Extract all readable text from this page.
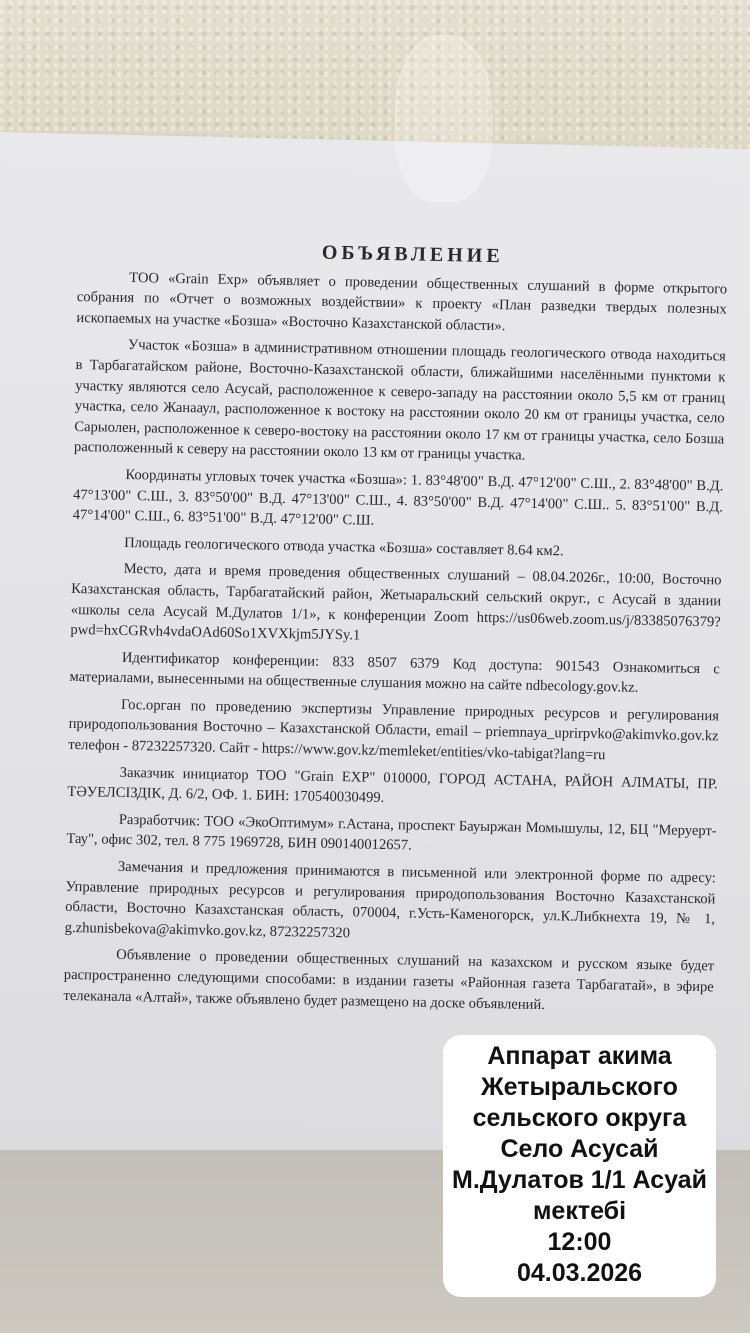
ОБЪЯВЛЕНИЕ

ТОО «Grain Exp» объявляет о проведении общественных слушаний в форме открытого собрания по «Отчет о возможных воздействии» к проекту «План разведки твердых полезных ископаемых на участке «Бозша» «Восточно Казахстанской области».

Участок «Бозша» в административном отношении площадь геологического отвода находиться в Тарбагатайском районе, Восточно-Казахстанской области, ближайшими населёнными пунктоми к участку являются село Асусай, расположенное к северо-западу на расстоянии около 5,5 км от границ участка, село Жанааул, расположенное к востоку на расстоянии около 20 км от границы участка, село Сарыолен, расположенное к северо-востоку на расстоянии около 17 км от границы участка, село Бозша расположенный к северу на расстоянии около 13 км от границы участка.

Координаты угловых точек участка «Бозша»: 1. 83°48'00" В.Д. 47°12'00" С.Ш., 2. 83°48'00" В.Д. 47°13'00" С.Ш., 3. 83°50'00" В.Д. 47°13'00" С.Ш., 4. 83°50'00" В.Д. 47°14'00" С.Ш.. 5. 83°51'00" В.Д. 47°14'00" С.Ш., 6. 83°51'00" В.Д. 47°12'00" С.Ш.

Площадь геологического отвода участка «Бозша» составляет 8.64 км2.

Место, дата и время проведения общественных слушаний – 08.04.2026г., 10:00, Восточно Казахстанская область, Тарбагатайский район, Жетыаральский сельский округ., с Асусай в здании «школы села Асусай М.Дулатов 1/1», к конференции Zoom https://us06web.zoom.us/j/83385076379?pwd=hxCGRvh4vdaOAd60So1XVXkjm5JYSy.1

Идентификатор конференции: 833 8507 6379 Код доступа: 901543 Ознакомиться с материалами, вынесенными на общественные слушания можно на сайте ndbecology.gov.kz.

Гос.орган по проведению экспертизы Управление природных ресурсов и регулирования природопользования Восточно – Казахстанской Области, email – priemnaya_uprirpvko@akimvko.gov.kz телефон - 87232257320. Сайт - https://www.gov.kz/memleket/entities/vko-tabigat?lang=ru

Заказчик инициатор ТОО "Grain EXP" 010000, ГОРОД АСТАНА, РАЙОН АЛМАТЫ, ПР. ТӘУЕЛСІЗДІК, Д. 6/2, ОФ. 1. БИН: 170540030499.

Разработчик: ТОО «ЭкоОптимум» г.Астана, проспект Бауыржан Момышулы, 12, БЦ "Меруерт-Тау", офис 302, тел. 8 775 1969728, БИН 090140012657.

Замечания и предложения принимаются в письменной или электронной форме по адресу: Управление природных ресурсов и регулирования природопользования Восточно Казахстанской области, Восточно Казахстанская область, 070004, г.Усть-Каменогорск, ул.К.Либкнехта 19, № 1, g.zhunisbekova@akimvko.gov.kz, 87232257320

Объявление о проведении общественных слушаний на казахском и русском языке будет распространенно следующими способами: в издании газеты «Районная газета Тарбагатай», в эфире телеканала «Алтай», также объявлено будет размещено на доске объявлений.

Аппарат акима
Жетыральского
сельского округа
Село Асусай
М.Дулатов 1/1 Асуай
мектебі
12:00
04.03.2026
